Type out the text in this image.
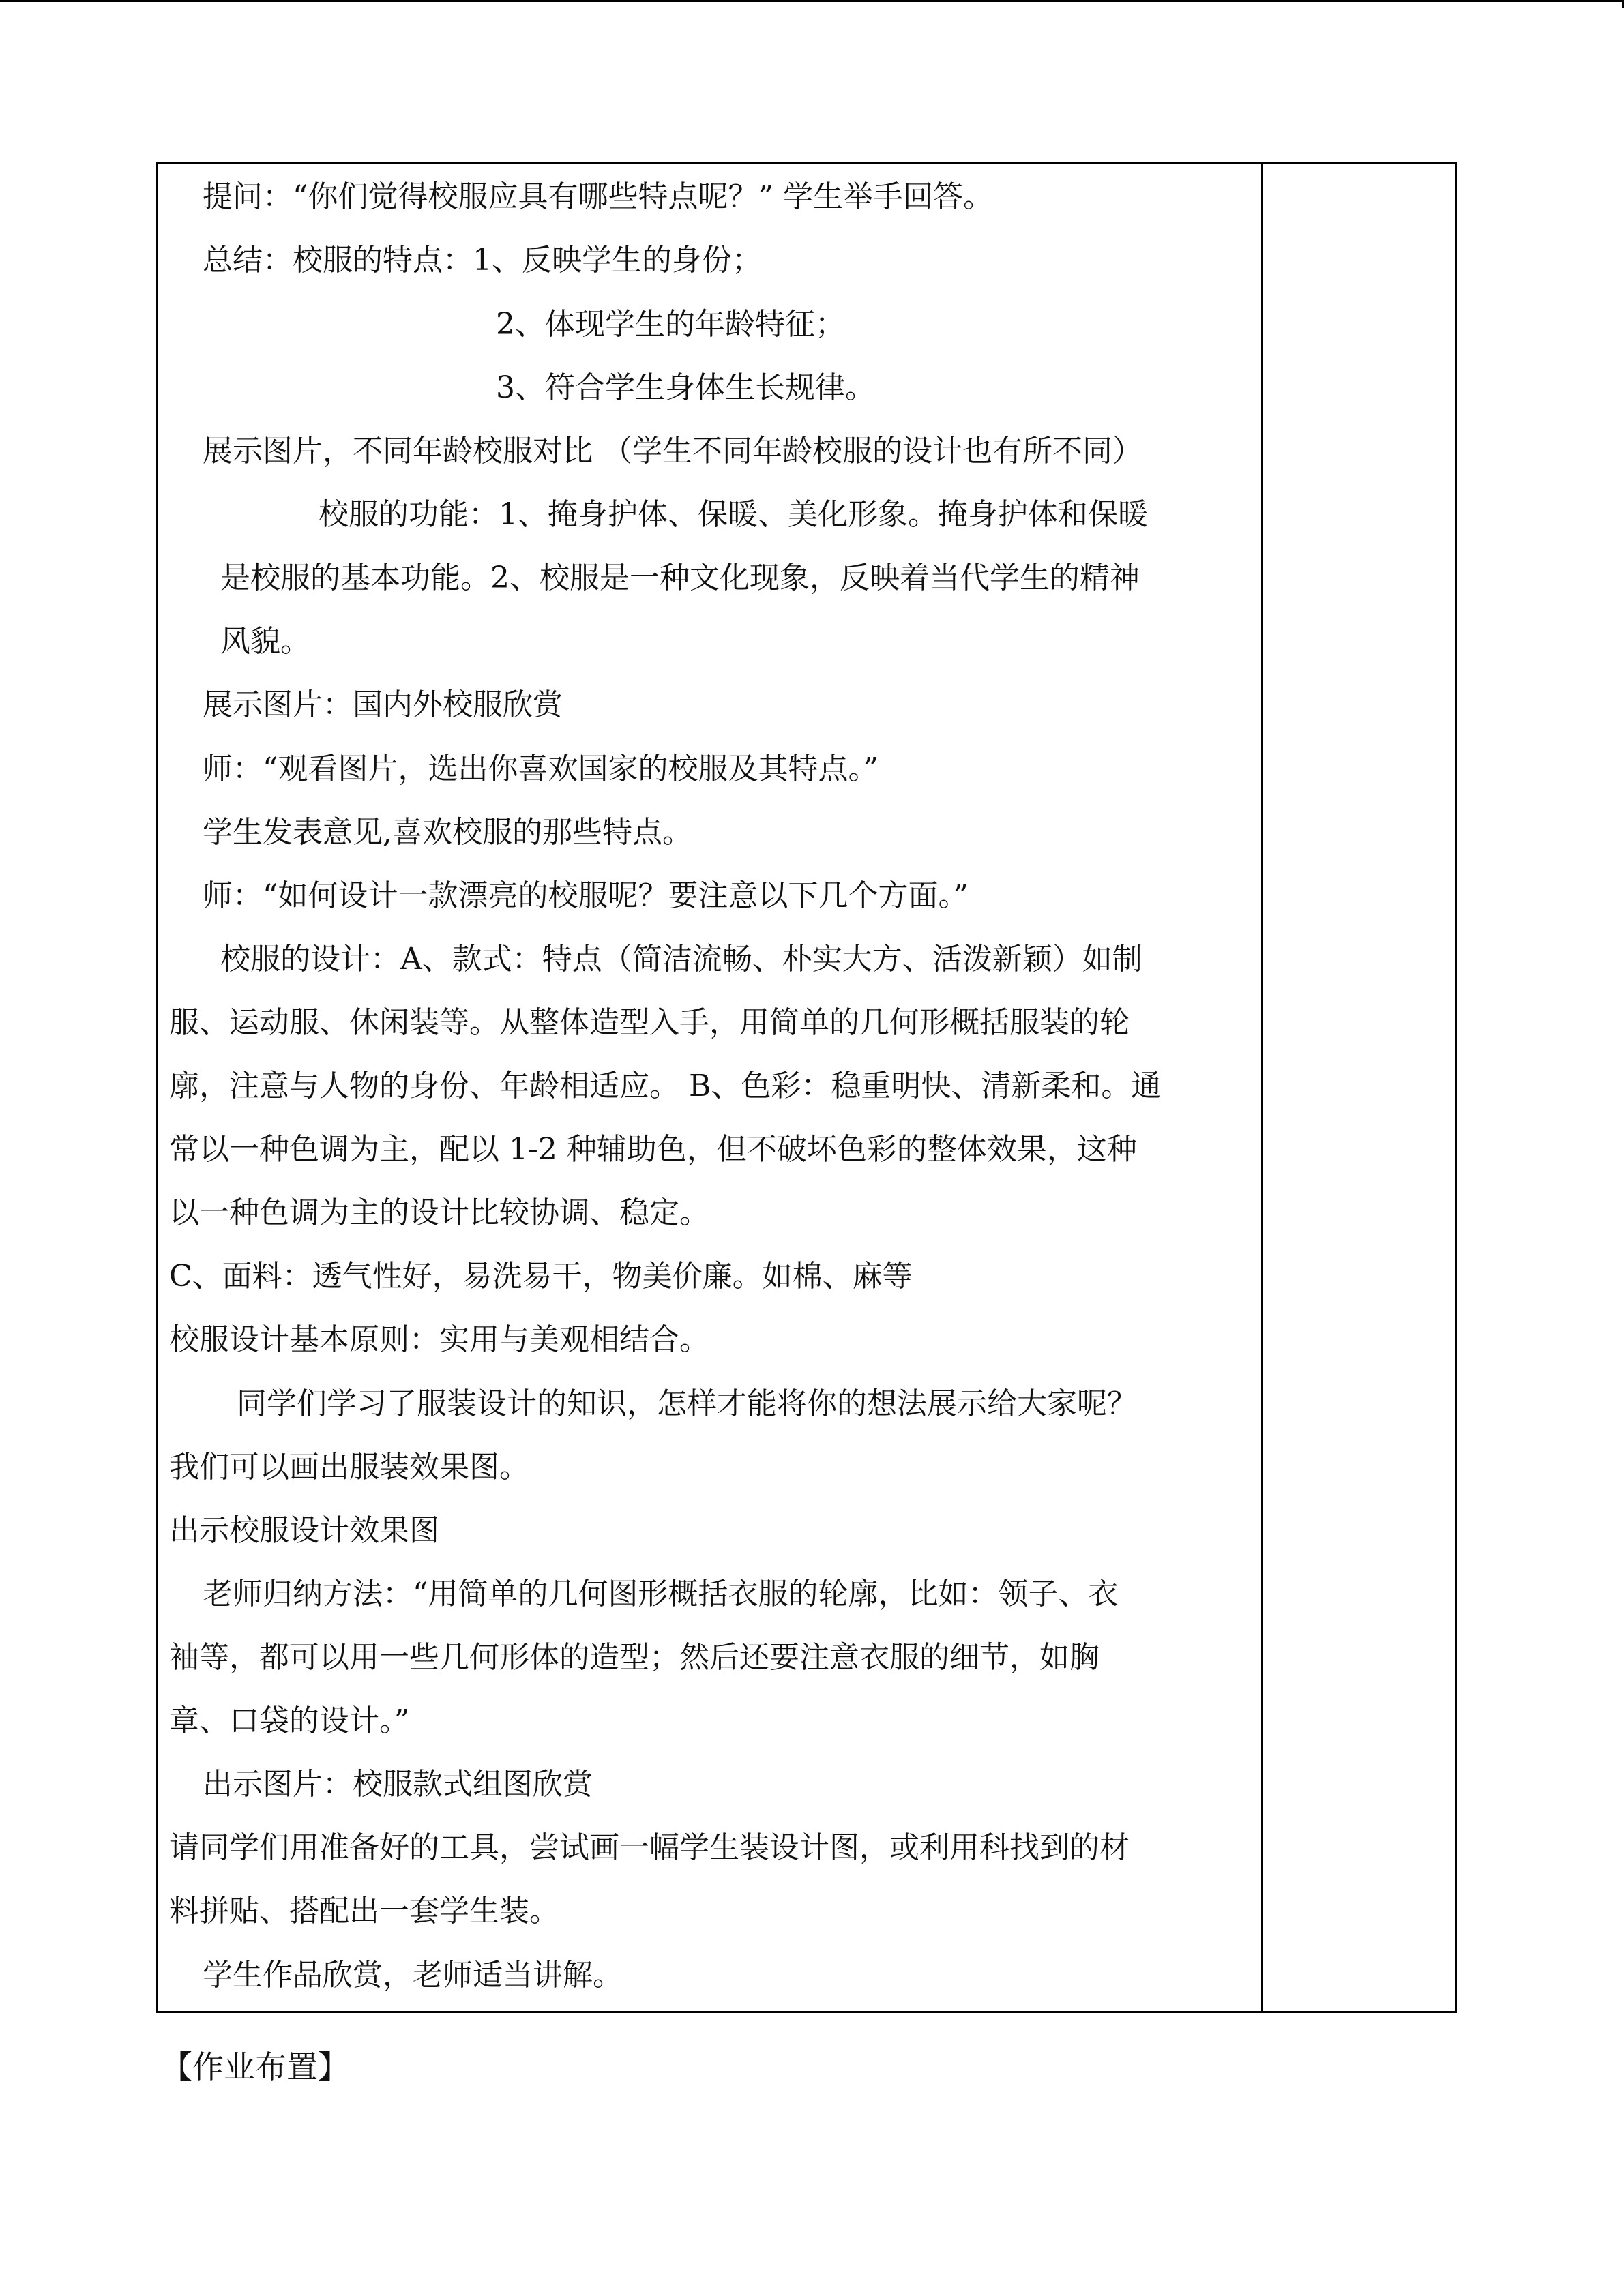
提问：“你们觉得校服应具有哪些特点呢？” 学生举手回答。
总结：校服的特点：1、反映学生的身份；
2、体现学生的年龄特征；
3、符合学生身体生长规律。
展示图片，不同年龄校服对比 （学生不同年龄校服的设计也有所不同）
校服的功能：1、掩身护体、保暖、美化形象。掩身护体和保暖
是校服的基本功能。2、校服是一种文化现象，反映着当代学生的精神
风貌。
展示图片：国内外校服欣赏
师：“观看图片，选出你喜欢国家的校服及其特点。”
学生发表意见,喜欢校服的那些特点。
师：“如何设计一款漂亮的校服呢？要注意以下几个方面。”
校服的设计：A、款式：特点（简洁流畅、朴实大方、活泼新颖）如制
服、运动服、休闲装等。从整体造型入手，用简单的几何形概括服装的轮
廓，注意与人物的身份、年龄相适应。 B、色彩：稳重明快、清新柔和。通
常以一种色调为主，配以 1-2 种辅助色，但不破坏色彩的整体效果，这种
以一种色调为主的设计比较协调、稳定。
C、面料：透气性好，易洗易干，物美价廉。如棉、麻等
校服设计基本原则：实用与美观相结合。
同学们学习了服装设计的知识，怎样才能将你的想法展示给大家呢？
我们可以画出服装效果图。
出示校服设计效果图
老师归纳方法：“用简单的几何图形概括衣服的轮廓，比如：领子、衣
袖等，都可以用一些几何形体的造型；然后还要注意衣服的细节，如胸
章、口袋的设计。”
出示图片：校服款式组图欣赏
请同学们用准备好的工具，尝试画一幅学生装设计图，或利用科找到的材
料拼贴、搭配出一套学生装。
学生作品欣赏，老师适当讲解。
【作业布置】
